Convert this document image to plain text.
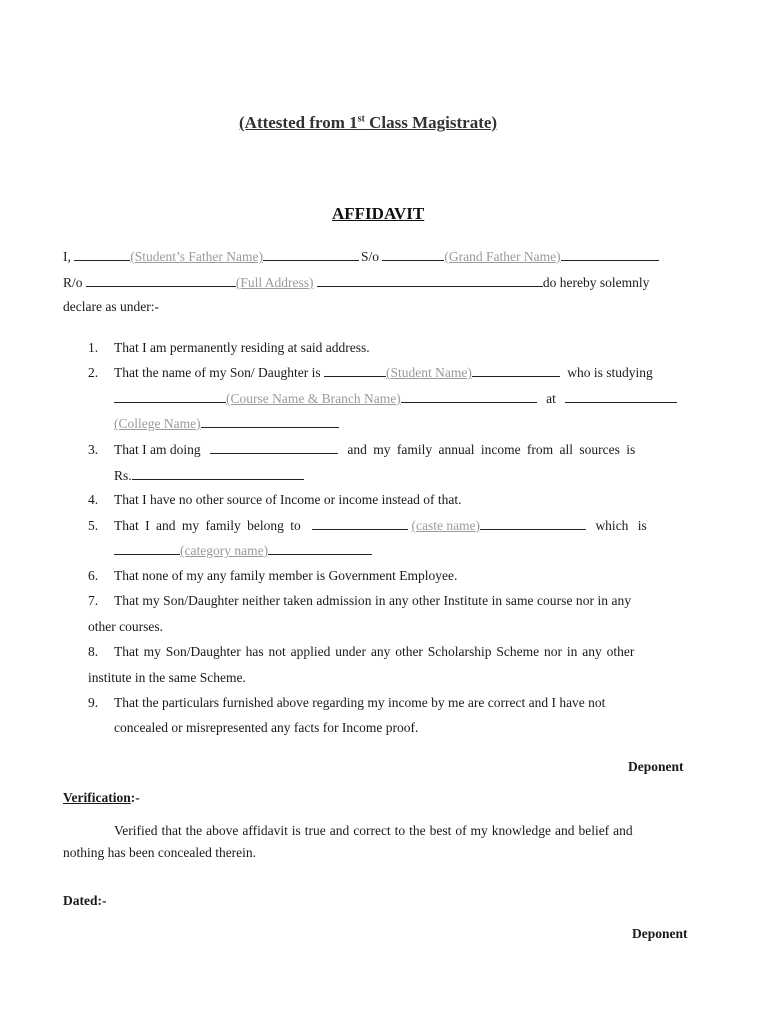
(Attested from 1st Class Magistrate)
AFFIDAVIT
I,	(Student’s Father Name)	S/o	(Grand Father Name)
R/o	(Full Address)	do hereby solemnly
declare as under:-
1. That I am permanently residing at said address.
2. That the name of my Son/ Daughter is	(Student Name)	who is studying
(Course Name & Branch Name)	at
(College Name)
3. That I am doing	and my family annual income from all sources is
Rs.
4. That I have no other source of Income or income instead of that.
5. That I and my family belong to	(caste name)	which is
(category name)
6. That none of my any family member is Government Employee.
7. That my Son/Daughter neither taken admission in any other Institute in same course nor in any
other courses.
8. That my Son/Daughter has not applied under any other Scholarship Scheme nor in any other
institute in the same Scheme.
9. That the particulars furnished above regarding my income by me are correct and I have not
concealed or misrepresented any facts for Income proof.
Deponent
Verification:-
Verified that the above affidavit is true and correct to the best of my knowledge and belief and
nothing has been concealed therein.
Dated:-
Deponent
